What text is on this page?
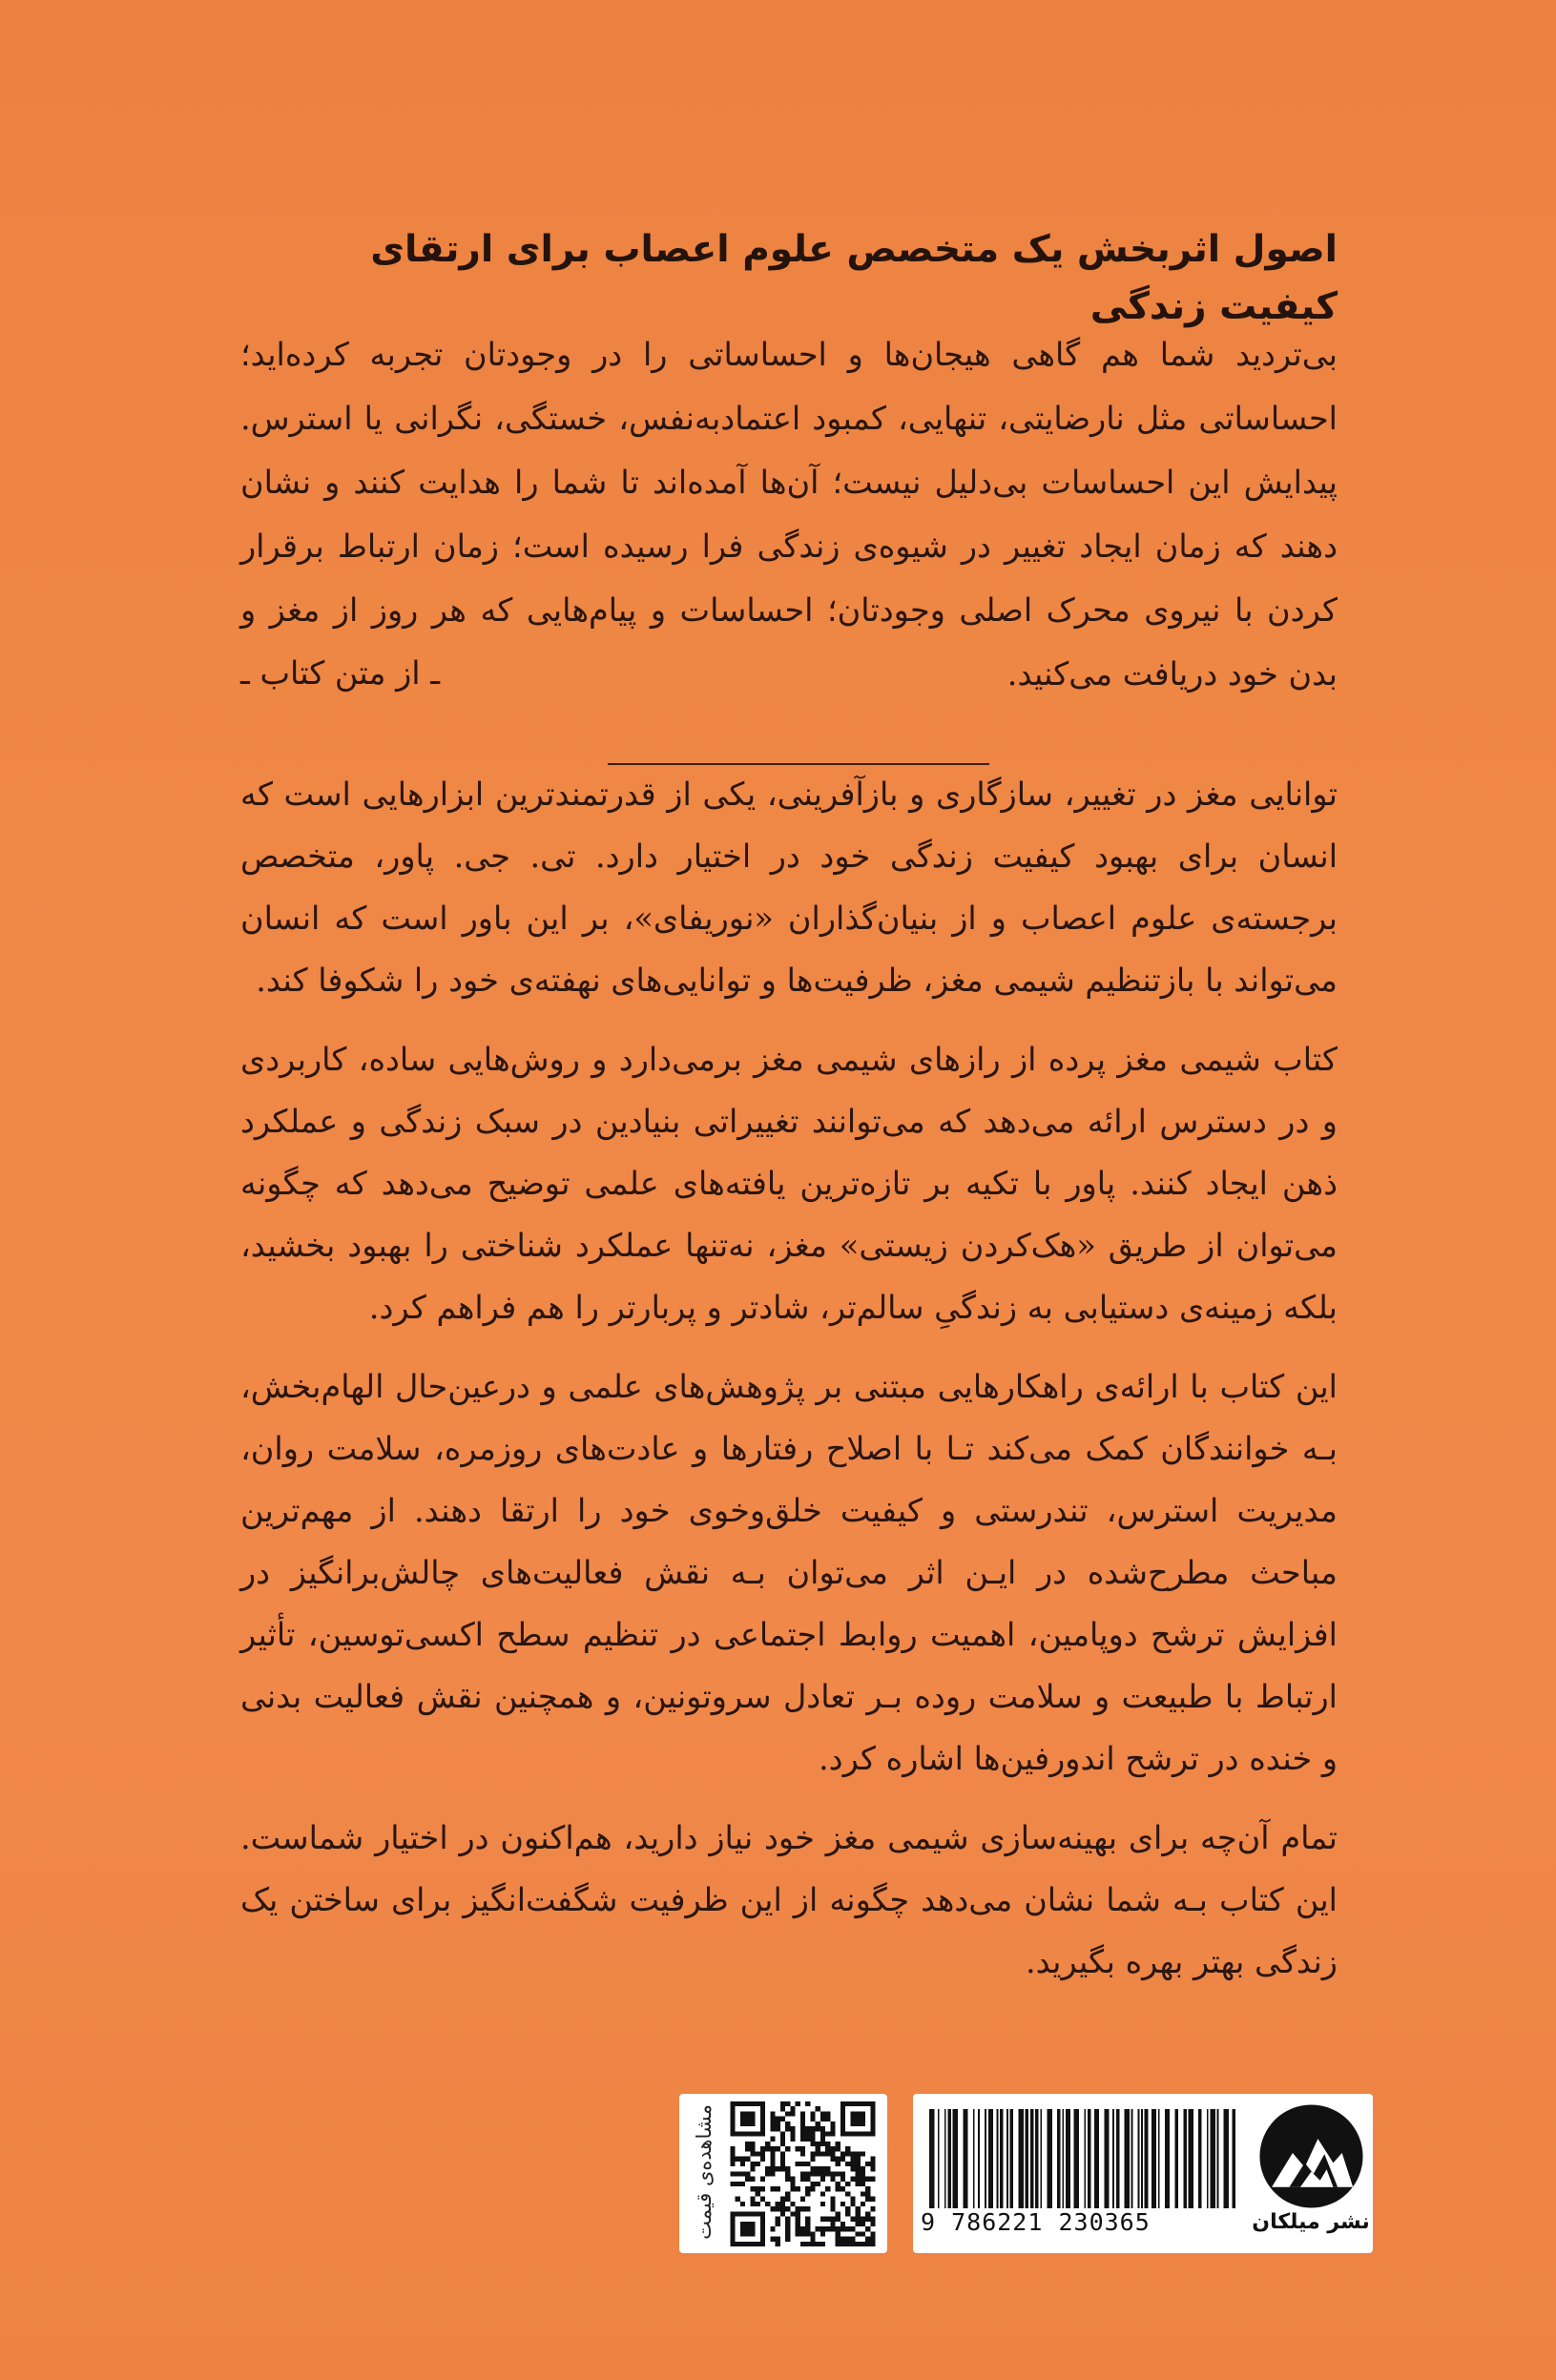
اصول اثربخش یک متخصص علوم اعصاب برای ارتقای کیفیت زندگی

بی‌تردید شما هم گاهی هیجان‌ها و احساساتی را در وجودتان تجربه کرده‌اید؛ احساساتی مثل نارضایتی، تنهایی، کمبود اعتمادبه‌نفس، خستگی، نگرانی یا استرس. پیدایش این احساسات بی‌دلیل نیست؛ آن‌ها آمده‌اند تا شما را هدایت کنند و نشان دهند که زمان ایجاد تغییر در شیوه‌ی زندگی فرا رسیده است؛ زمان ارتباط برقرار کردن با نیروی محرک اصلی وجودتان؛ احساسات و پیام‌هایی که هر روز از مغز و بدن خود دریافت می‌کنید.

ـ از متن کتاب ـ

توانایی مغز در تغییر، سازگاری و بازآفرینی، یکی از قدرتمندترین ابزارهایی است که انسان برای بهبود کیفیت زندگی خود در اختیار دارد. تی. جی. پاور، متخصص برجسته‌ی علوم اعصاب و از بنیان‌گذاران «نوریفای»، بر این باور است که انسان می‌تواند با بازتنظیم شیمی مغز، ظرفیت‌ها و توانایی‌های نهفته‌ی خود را شکوفا کند.

کتاب شیمی مغز پرده از رازهای شیمی مغز بر‌می‌دارد و روش‌هایی ساده، کاربردی و در دسترس ارائه می‌دهد که می‌توانند تغییراتی بنیادین در سبک زندگی و عملکرد ذهن ایجاد کنند. پاور با تکیه بر تازه‌ترین یافته‌های علمی توضیح می‌دهد که چگونه می‌توان از طریق «هک‌کردن زیستی» مغز، نه‌تنها عملکرد شناختی را بهبود بخشید، بلکه زمینه‌ی دستیابی به زندگیِ سالم‌تر، شادتر و پربارتر را هم فراهم کرد.

این کتاب با ارائه‌ی راهکارهایی مبتنی بر پژوهش‌های علمی و درعین‌حال الهام‌بخش، بـه خوانندگان کمک می‌کند تـا با اصلاح رفتارها و عادت‌های روزمره، سلامت روان، مدیریت استرس، تندرستی و کیفیت خلق‌وخوی خود را ارتقا دهند. از مهم‌ترین مباحث مطرح‌شده در ایـن اثر می‌توان بـه نقش فعالیت‌های چالش‌برانگیز در افزایش ترشح دوپامین، اهمیت روابط اجتماعی در تنظیم سطح اکسی‌توسین، تأثیر ارتباط با طبیعت و سلامت روده بـر تعادل سروتونین، و همچنین نقش فعالیت بدنی و خنده در ترشح اندورفین‌ها اشاره کرد.

تمام آن‌چه برای بهینه‌سازی شیمی مغز خود نیاز دارید، هم‌اکنون در اختیار شماست. این کتاب بـه شما نشان می‌دهد چگونه از این ظرفیت شگفت‌انگیز برای ساختن یک زندگی بهتر بهره بگیرید.

مشاهده‌ی قیمت	9 786221 230365	نشر میلکان
